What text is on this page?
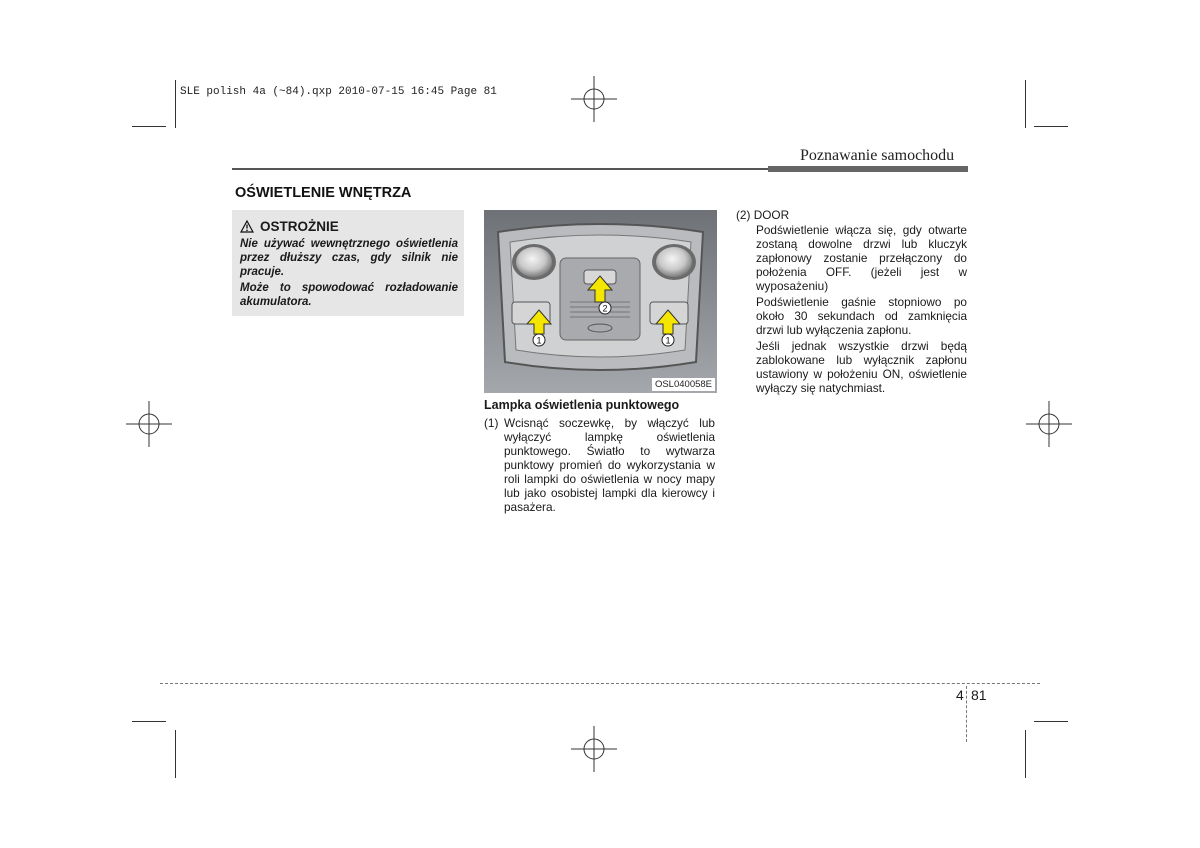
SLE polish 4a (~84).qxp 2010-07-15 16:45 Page 81
Poznawanie samochodu
OŚWIETLENIE WNĘTRZA
OSTROŻNIE
Nie używać wewnętrznego oświetlenia przez dłuższy czas, gdy silnik nie pracuje.
Może to spowodować rozładowanie akumulatora.
2
1	1
OSL040058E
Lampka oświetlenia punktowego
(1) Wcisnąć soczewkę, by włączyć lub wyłączyć lampkę oświetlenia punktowego. Światło to wytwarza punktowy promień do wykorzystania w roli lampki do oświetlenia w nocy mapy lub jako osobistej lampki dla kierowcy i pasażera.
(2) DOOR
Podświetlenie włącza się, gdy otwarte zostaną dowolne drzwi lub kluczyk zapłonowy zostanie przełączony do położenia OFF. (jeżeli jest w wyposażeniu)
Podświetlenie gaśnie stopniowo po około 30 sekundach od zamknięcia drzwi lub wyłączenia zapłonu.
Jeśli jednak wszystkie drzwi będą zablokowane lub wyłącznik zapłonu ustawiony w położeniu ON, oświetlenie wyłączy się natychmiast.
4 81
